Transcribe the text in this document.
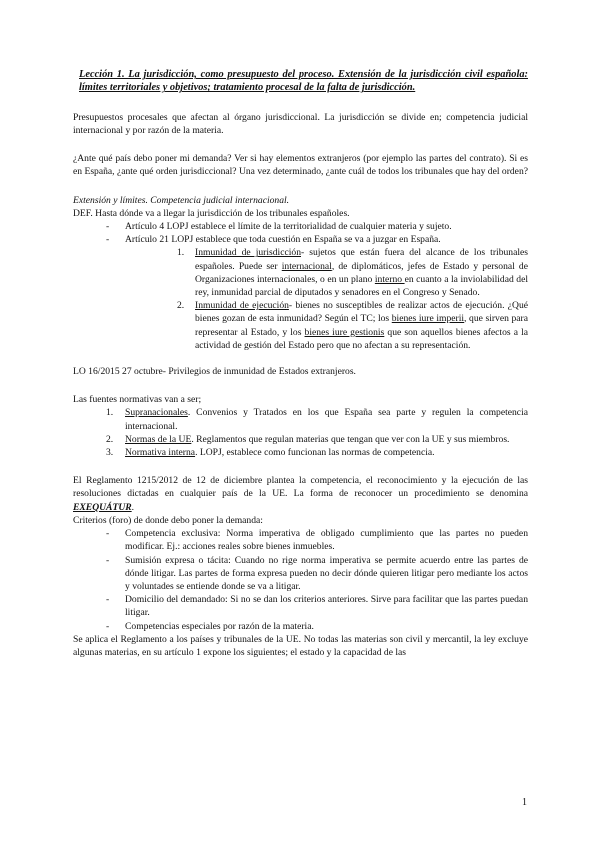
Lección 1. La jurisdicción, como presupuesto del proceso. Extensión de la jurisdicción civil española: límites territoriales y objetivos; tratamiento procesal de la falta de jurisdicción.

Presupuestos procesales que afectan al órgano jurisdiccional. La jurisdicción se divide en; competencia judicial internacional y por razón de la materia.

¿Ante qué país debo poner mi demanda? Ver si hay elementos extranjeros (por ejemplo las partes del contrato). Si es en España, ¿ante qué orden jurisdiccional? Una vez determinado, ¿ante cuál de todos los tribunales que hay del orden?

Extensión y límites. Competencia judicial internacional.

DEF. Hasta dónde va a llegar la jurisdicción de los tribunales españoles.

- Artículo 4 LOPJ establece el límite de la territorialidad de cualquier materia y sujeto.
- Artículo 21 LOPJ establece que toda cuestión en España se va a juzgar en España.
1. Inmunidad de jurisdicción- sujetos que están fuera del alcance de los tribunales españoles. Puede ser internacional, de diplomáticos, jefes de Estado y personal de Organizaciones internacionales, o en un plano interno en cuanto a la inviolabilidad del rey, inmunidad parcial de diputados y senadores en el Congreso y Senado.
2. Inmunidad de ejecución- bienes no susceptibles de realizar actos de ejecución. ¿Qué bienes gozan de esta inmunidad? Según el TC; los bienes iure imperii, que sirven para representar al Estado, y los bienes iure gestionis que son aquellos bienes afectos a la actividad de gestión del Estado pero que no afectan a su representación.

LO 16/2015 27 octubre- Privilegios de inmunidad de Estados extranjeros.

Las fuentes normativas van a ser;

1. Supranacionales. Convenios y Tratados en los que España sea parte y regulen la competencia internacional.
2. Normas de la UE. Reglamentos que regulan materias que tengan que ver con la UE y sus miembros.
3. Normativa interna. LOPJ, establece como funcionan las normas de competencia.

El Reglamento 1215/2012 de 12 de diciembre plantea la competencia, el reconocimiento y la ejecución de las resoluciones dictadas en cualquier país de la UE. La forma de reconocer un procedimiento se denomina EXEQUÁTUR.

Criterios (foro) de donde debo poner la demanda:

- Competencia exclusiva: Norma imperativa de obligado cumplimiento que las partes no pueden modificar. Ej.: acciones reales sobre bienes inmuebles.
- Sumisión expresa o tácita: Cuando no rige norma imperativa se permite acuerdo entre las partes de dónde litigar. Las partes de forma expresa pueden no decir dónde quieren litigar pero mediante los actos y voluntades se entiende donde se va a litigar.
- Domicilio del demandado: Si no se dan los criterios anteriores. Sirve para facilitar que las partes puedan litigar.
- Competencias especiales por razón de la materia.

Se aplica el Reglamento a los países y tribunales de la UE. No todas las materias son civil y mercantil, la ley excluye algunas materias, en su artículo 1 expone los siguientes; el estado y la capacidad de las

1
